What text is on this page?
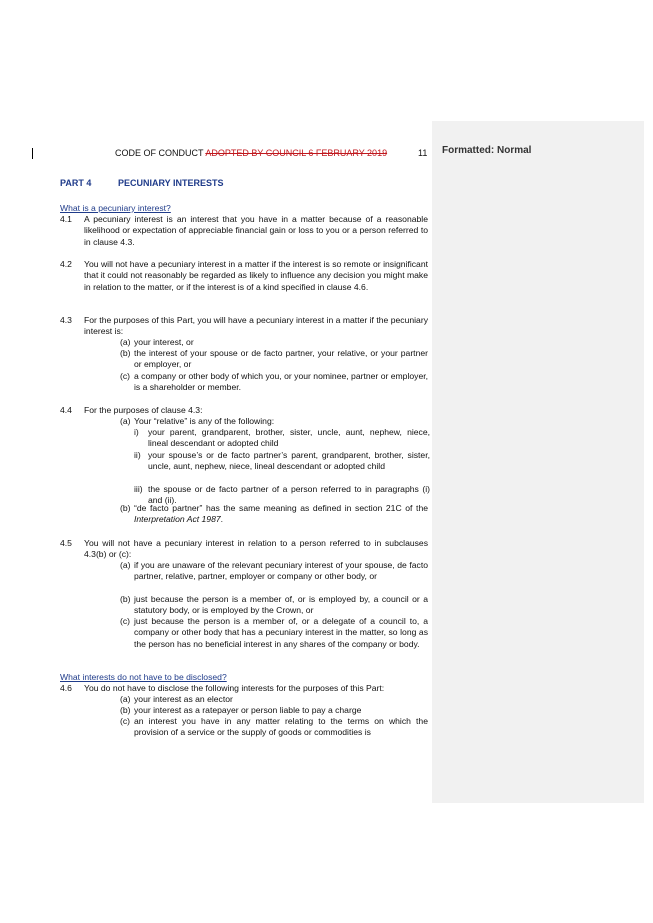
Formatted: Normal
CODE OF CONDUCT ADOPTED BY COUNCIL 6 FEBRUARY 2019	11
PART 4	PECUNIARY INTERESTS
What is a pecuniary interest?
4.1 A pecuniary interest is an interest that you have in a matter because of a reasonable likelihood or expectation of appreciable financial gain or loss to you or a person referred to in clause 4.3.
4.2 You will not have a pecuniary interest in a matter if the interest is so remote or insignificant that it could not reasonably be regarded as likely to influence any decision you might make in relation to the matter, or if the interest is of a kind specified in clause 4.6.
4.3 For the purposes of this Part, you will have a pecuniary interest in a matter if the pecuniary interest is:
(a) your interest, or
(b) the interest of your spouse or de facto partner, your relative, or your partner or employer, or
(c) a company or other body of which you, or your nominee, partner or employer, is a shareholder or member.
4.4 For the purposes of clause 4.3:
(a) Your “relative” is any of the following:
i) your parent, grandparent, brother, sister, uncle, aunt, nephew, niece, lineal descendant or adopted child
ii) your spouse’s or de facto partner’s parent, grandparent, brother, sister, uncle, aunt, nephew, niece, lineal descendant or adopted child
iii) the spouse or de facto partner of a person referred to in paragraphs (i) and (ii).
(b) “de facto partner” has the same meaning as defined in section 21C of the Interpretation Act 1987.
4.5 You will not have a pecuniary interest in relation to a person referred to in subclauses 4.3(b) or (c):
(a) if you are unaware of the relevant pecuniary interest of your spouse, de facto partner, relative, partner, employer or company or other body, or
(b) just because the person is a member of, or is employed by, a council or a statutory body, or is employed by the Crown, or
(c) just because the person is a member of, or a delegate of a council to, a company or other body that has a pecuniary interest in the matter, so long as the person has no beneficial interest in any shares of the company or body.
What interests do not have to be disclosed?
4.6 You do not have to disclose the following interests for the purposes of this Part:
(a) your interest as an elector
(b) your interest as a ratepayer or person liable to pay a charge
(c) an interest you have in any matter relating to the terms on which the provision of a service or the supply of goods or commodities is
